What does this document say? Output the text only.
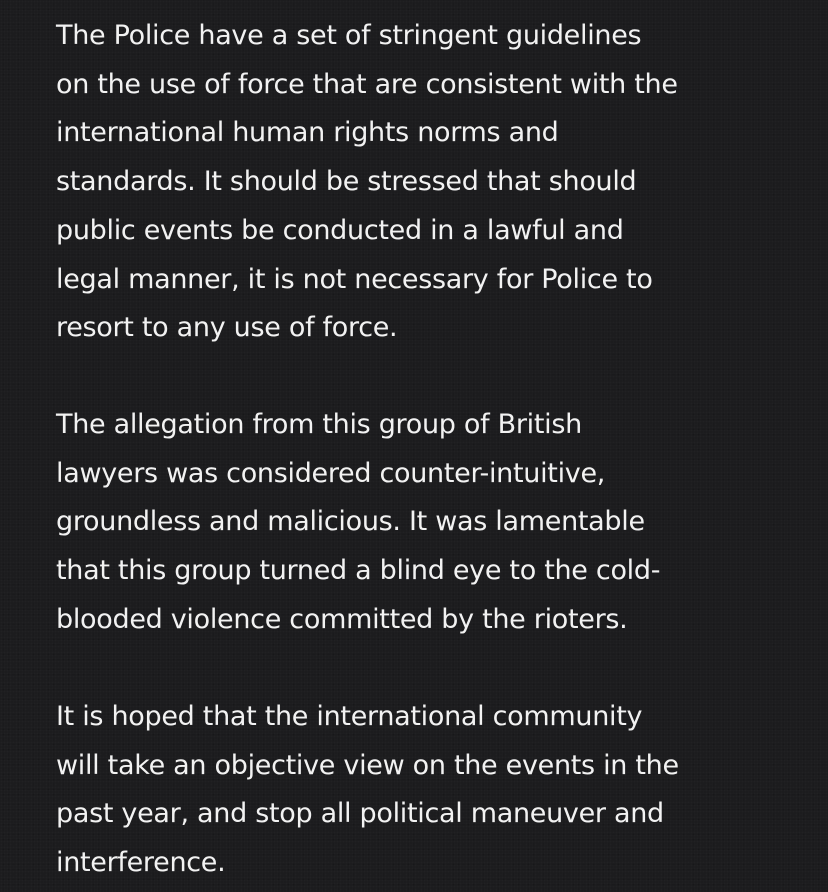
The Police have a set of stringent guidelines
on the use of force that are consistent with the
international human rights norms and
standards. It should be stressed that should
public events be conducted in a lawful and
legal manner, it is not necessary for Police to
resort to any use of force.

The allegation from this group of British
lawyers was considered counter-intuitive,
groundless and malicious. It was lamentable
that this group turned a blind eye to the cold-
blooded violence committed by the rioters.

It is hoped that the international community
will take an objective view on the events in the
past year, and stop all political maneuver and
interference.
